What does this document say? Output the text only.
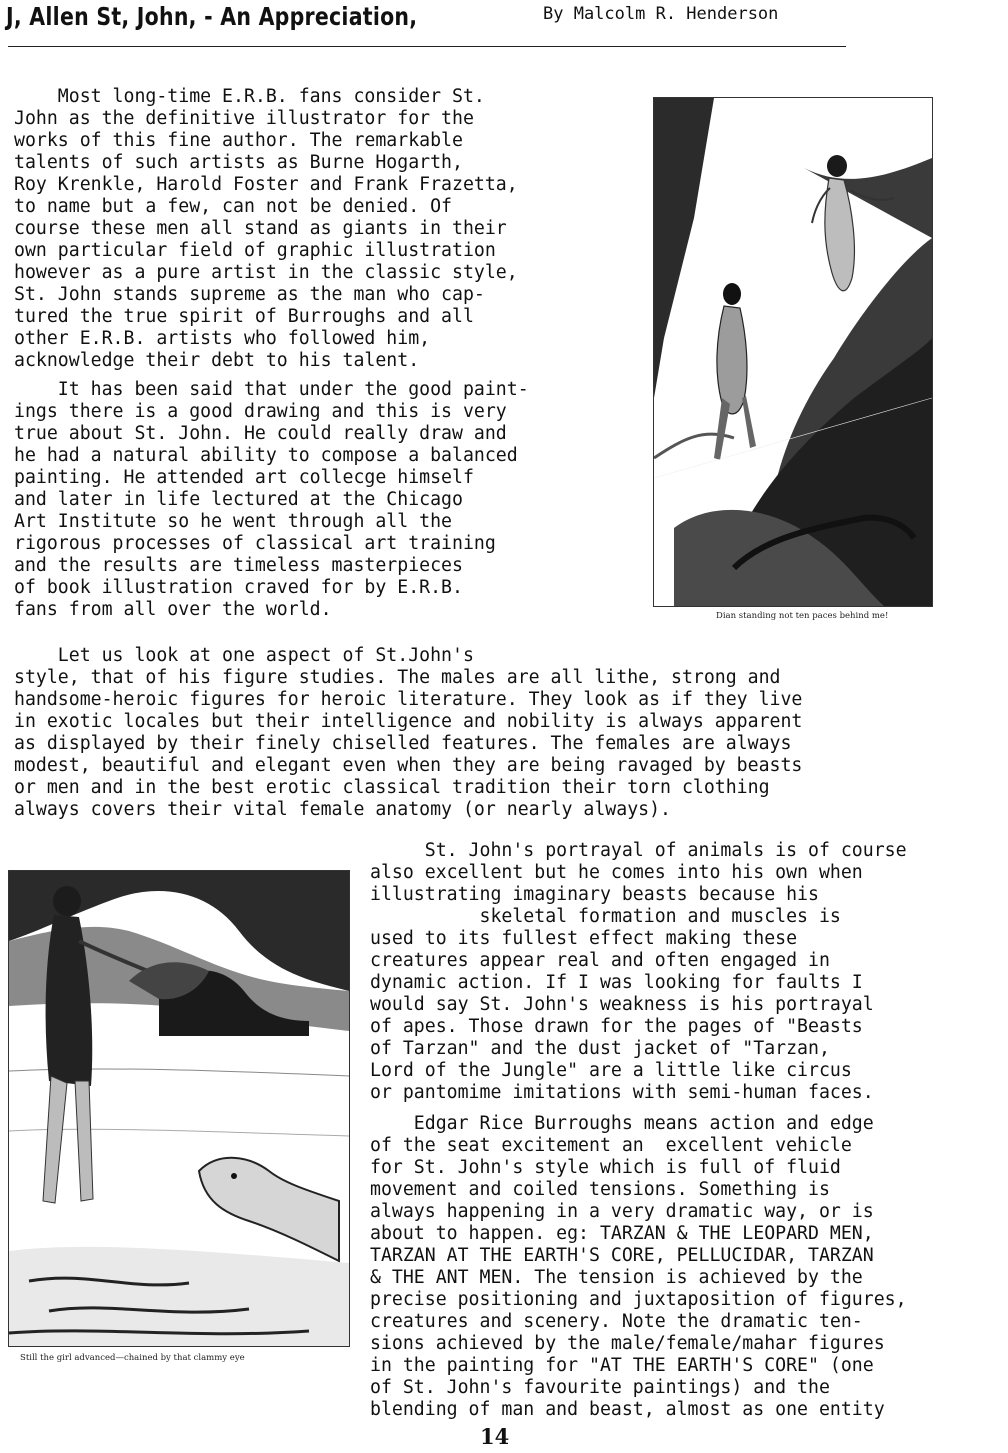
J, Allen St, John, - An Appreciation,	By Malcolm R. Henderson
Most long-time E.R.B. fans consider St.
John as the definitive illustrator for the
works of this fine author. The remarkable
talents of such artists as Burne Hogarth,
Roy Krenkle, Harold Foster and Frank Frazetta,
to name but a few, can not be denied. Of
course these men all stand as giants in their
own particular field of graphic illustration
however as a pure artist in the classic style,
St. John stands supreme as the man who cap-
tured the true spirit of Burroughs and all
other E.R.B. artists who followed him,
acknowledge their debt to his talent.
It has been said that under the good paint-
ings there is a good drawing and this is very
true about St. John. He could really draw and
he had a natural ability to compose a balanced
painting. He attended art collecge himself
and later in life lectured at the Chicago
Art Institute so he went through all the
rigorous processes of classical art training
and the results are timeless masterpieces
of book illustration craved for by E.R.B.
fans from all over the world.	Dian standing not ten paces behind me!
Let us look at one aspect of St.John's
style, that of his figure studies. The males are all lithe, strong and
handsome-heroic figures for heroic literature. They look as if they live
in exotic locales but their intelligence and nobility is always apparent
as displayed by their finely chiselled features. The females are always
modest, beautiful and elegant even when they are being ravaged by beasts
or men and in the best erotic classical tradition their torn clothing
always covers their vital female anatomy (or nearly always).
Still the girl advanced—chained by that clammy eye
St. John's portrayal of animals is of course
also excellent but he comes into his own when
illustrating imaginary beasts because his
skeletal formation and muscles is
used to its fullest effect making these
creatures appear real and often engaged in
dynamic action. If I was looking for faults I
would say St. John's weakness is his portrayal
of apes. Those drawn for the pages of "Beasts
of Tarzan" and the dust jacket of "Tarzan,
Lord of the Jungle" are a little like circus
or pantomime imitations with semi-human faces.
Edgar Rice Burroughs means action and edge
of the seat excitement an  excellent vehicle
for St. John's style which is full of fluid
movement and coiled tensions. Something is
always happening in a very dramatic way, or is
about to happen. eg: TARZAN & THE LEOPARD MEN,
TARZAN AT THE EARTH'S CORE, PELLUCIDAR, TARZAN
& THE ANT MEN. The tension is achieved by the
precise positioning and juxtaposition of figures,
creatures and scenery. Note the dramatic ten-
sions achieved by the male/female/mahar figures
in the painting for "AT THE EARTH'S CORE" (one
of St. John's favourite paintings) and the
blending of man and beast, almost as one entity
14
